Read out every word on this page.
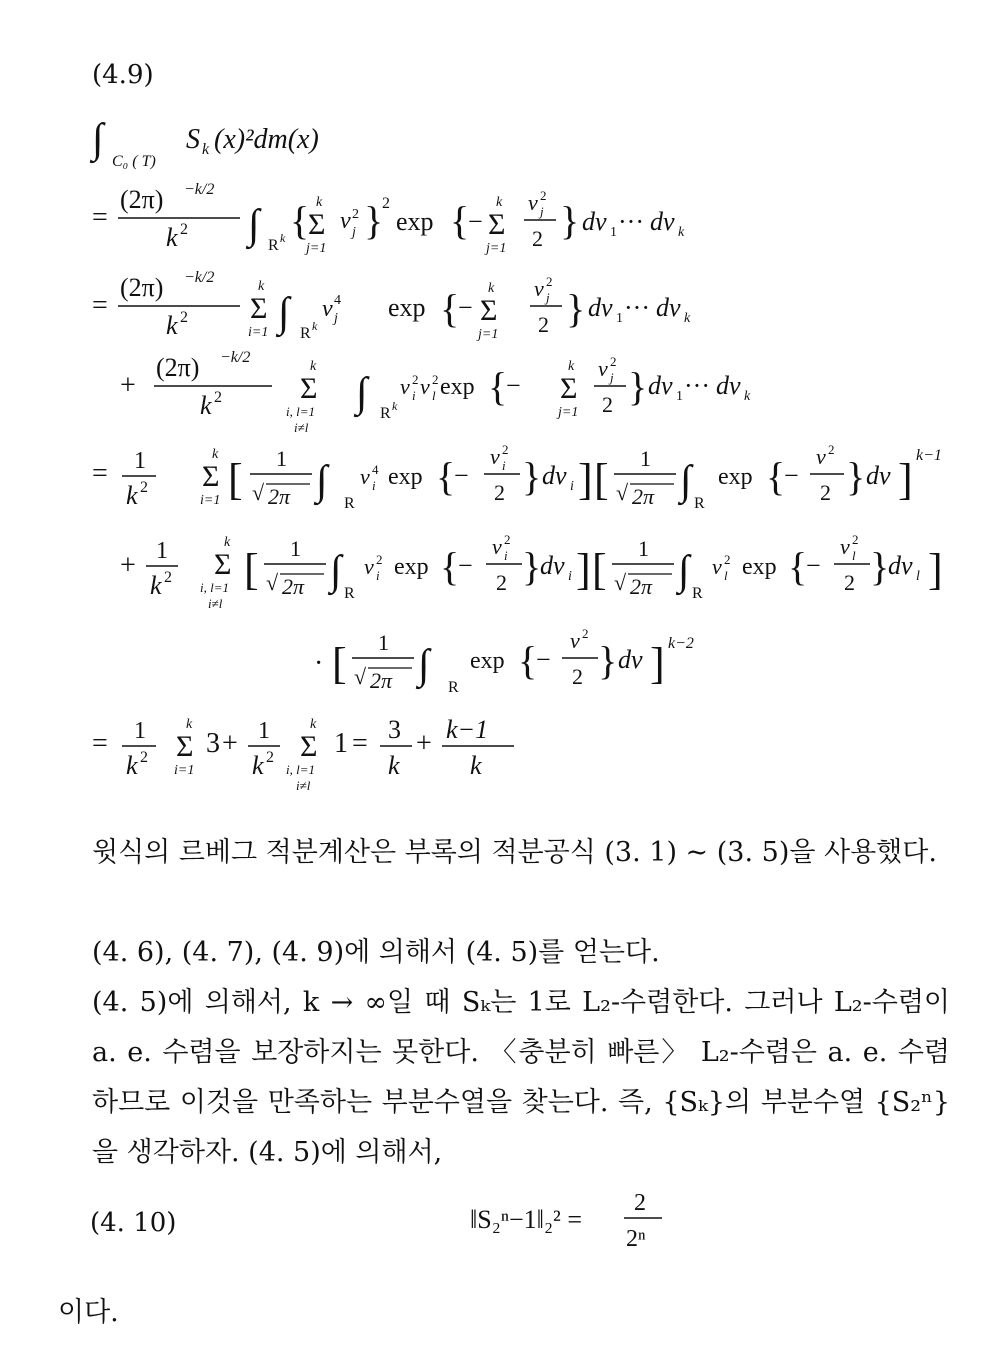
(4.9)
∫ C₀ ( T)
S k (x)²dm(x)
=
(2π) −k/2
k 2 ∫ R k { k
Σ
j=1
v 2
j }
2
exp {
−
k
Σ
j=1
v 2
j
2 } dv 1 ··· dv k
=
(2π) −k/2
k 2
k
Σ
i=1 ∫ R k
v 4
j exp {
−
k
Σ
j=1
v 2
j
2 } dv 1 ··· dv k
+
(2π) −k/2
k 2
k
Σ
i, l=1
i≠l
∫ R k
v 2
i v 2
l exp {
−
k
Σ
j=1
v 2
j
2 } dv 1 ··· dv k
= 1
k 2
k
Σ
i=1 [ 1
√ 2π ∫ R
v 4
i exp {
−
v 2
i
2 } dv i ] [ 1
√ 2π ∫ R
exp {
−
v 2
2 } dv ] k−1
+ 1
k 2
k
Σ
i, l=1
i≠l
[ 1
√ 2π ∫ R
v 2
i exp {
−
v 2
i
2 }
dv i ] [ 1
√ 2π ∫ R
v 2
l exp {
−
v 2
l
2 }
dv l ]
· [ 1
√ 2π ∫ R
exp {
−
v 2
2 } dv ] k−2
= 1
k 2
k
Σ
i=1
3 + 1
k 2
k
Σ
i, l=1
i≠l
1 = 3
k
+ k−1
k
윗식의 르베그 적분계산은 부록의 적분공식 (3. 1) ~ (3. 5)을 사용했다.
(4. 6), (4. 7), (4. 9)에 의해서 (4. 5)를 얻는다.
(4. 5)에 의해서, k → ∞일 때 Sₖ는 1로 L₂-수렴한다. 그러나 L₂-수렴이 a. e. 수렴을 보장하지는 못한다. 〈충분히 빠른〉 L₂-수렴은 a. e. 수렴하므로 이것을 만족하는 부분수열을 찾는다. 즉, {Sₖ}의 부분수열 {S₂ⁿ}을 생각하자. (4. 5)에 의해서,
(4. 10)	‖S₂ⁿ−1‖₂² =
2
2ⁿ
이다.
